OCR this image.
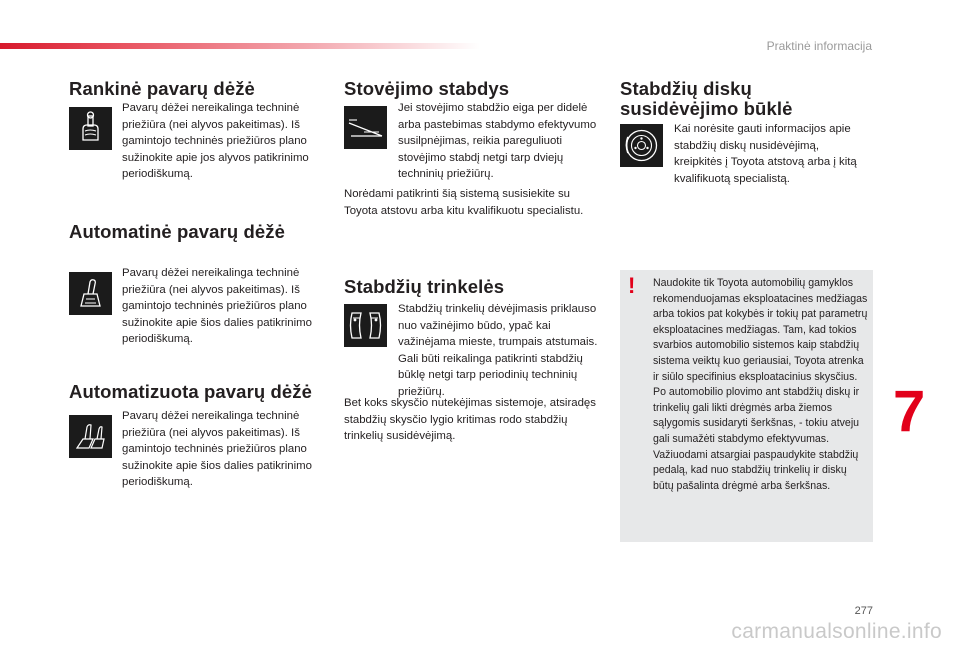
Praktinė informacija
Rankinė pavarų dėžė
Pavarų dėžei nereikalinga techninė priežiūra (nei alyvos pakeitimas). Iš gamintojo techninės priežiūros plano sužinokite apie jos alyvos patikrinimo periodiškumą.
Automatinė pavarų dėžė
Pavarų dėžei nereikalinga techninė priežiūra (nei alyvos pakeitimas). Iš gamintojo techninės priežiūros plano sužinokite apie šios dalies patikrinimo periodiškumą.
Automatizuota pavarų dėžė
Pavarų dėžei nereikalinga techninė priežiūra (nei alyvos pakeitimas). Iš gamintojo techninės priežiūros plano sužinokite apie šios dalies patikrinimo periodiškumą.
Stovėjimo stabdys
Jei stovėjimo stabdžio eiga per didelė arba pastebimas stabdymo efektyvumo susilpnėjimas, reikia pareguliuoti stovėjimo stabdį netgi tarp dviejų techninių priežiūrų.
Norėdami patikrinti šią sistemą susisiekite su Toyota atstovu arba kitu kvalifikuotu specialistu.
Stabdžių trinkelės
Stabdžių trinkelių dėvėjimasis priklauso nuo važinėjimo būdo, ypač kai važinėjama mieste, trumpais atstumais. Gali būti reikalinga patikrinti stabdžių būklę netgi tarp periodinių techninių priežiūrų.
Bet koks skysčio nutekėjimas sistemoje, atsiradęs stabdžių skysčio lygio kritimas rodo stabdžių trinkelių susidėvėjimą.
Stabdžių diskų susidėvėjimo būklė
Kai norėsite gauti informacijos apie stabdžių diskų nusidėvėjimą, kreipkitės į Toyota atstovą arba į kitą kvalifikuotą specialistą.
! Naudokite tik Toyota automobilių gamyklos rekomenduojamas eksploatacines medžiagas arba tokios pat kokybės ir tokių pat parametrų eksploatacines medžiagas. Tam, kad tokios svarbios automobilio sistemos kaip stabdžių sistema veiktų kuo geriausiai, Toyota atrenka ir siūlo specifinius eksploatacinius skysčius.
Po automobilio plovimo ant stabdžių diskų ir trinkelių gali likti drėgmės arba žiemos sąlygomis susidaryti šerkšnas, - tokiu atveju gali sumažėti stabdymo efektyvumas. Važiuodami atsargiai paspaudykite stabdžių pedalą, kad nuo stabdžių trinkelių ir diskų būtų pašalinta drėgmė arba šerkšnas.
7
277
carmanualsonline.info
